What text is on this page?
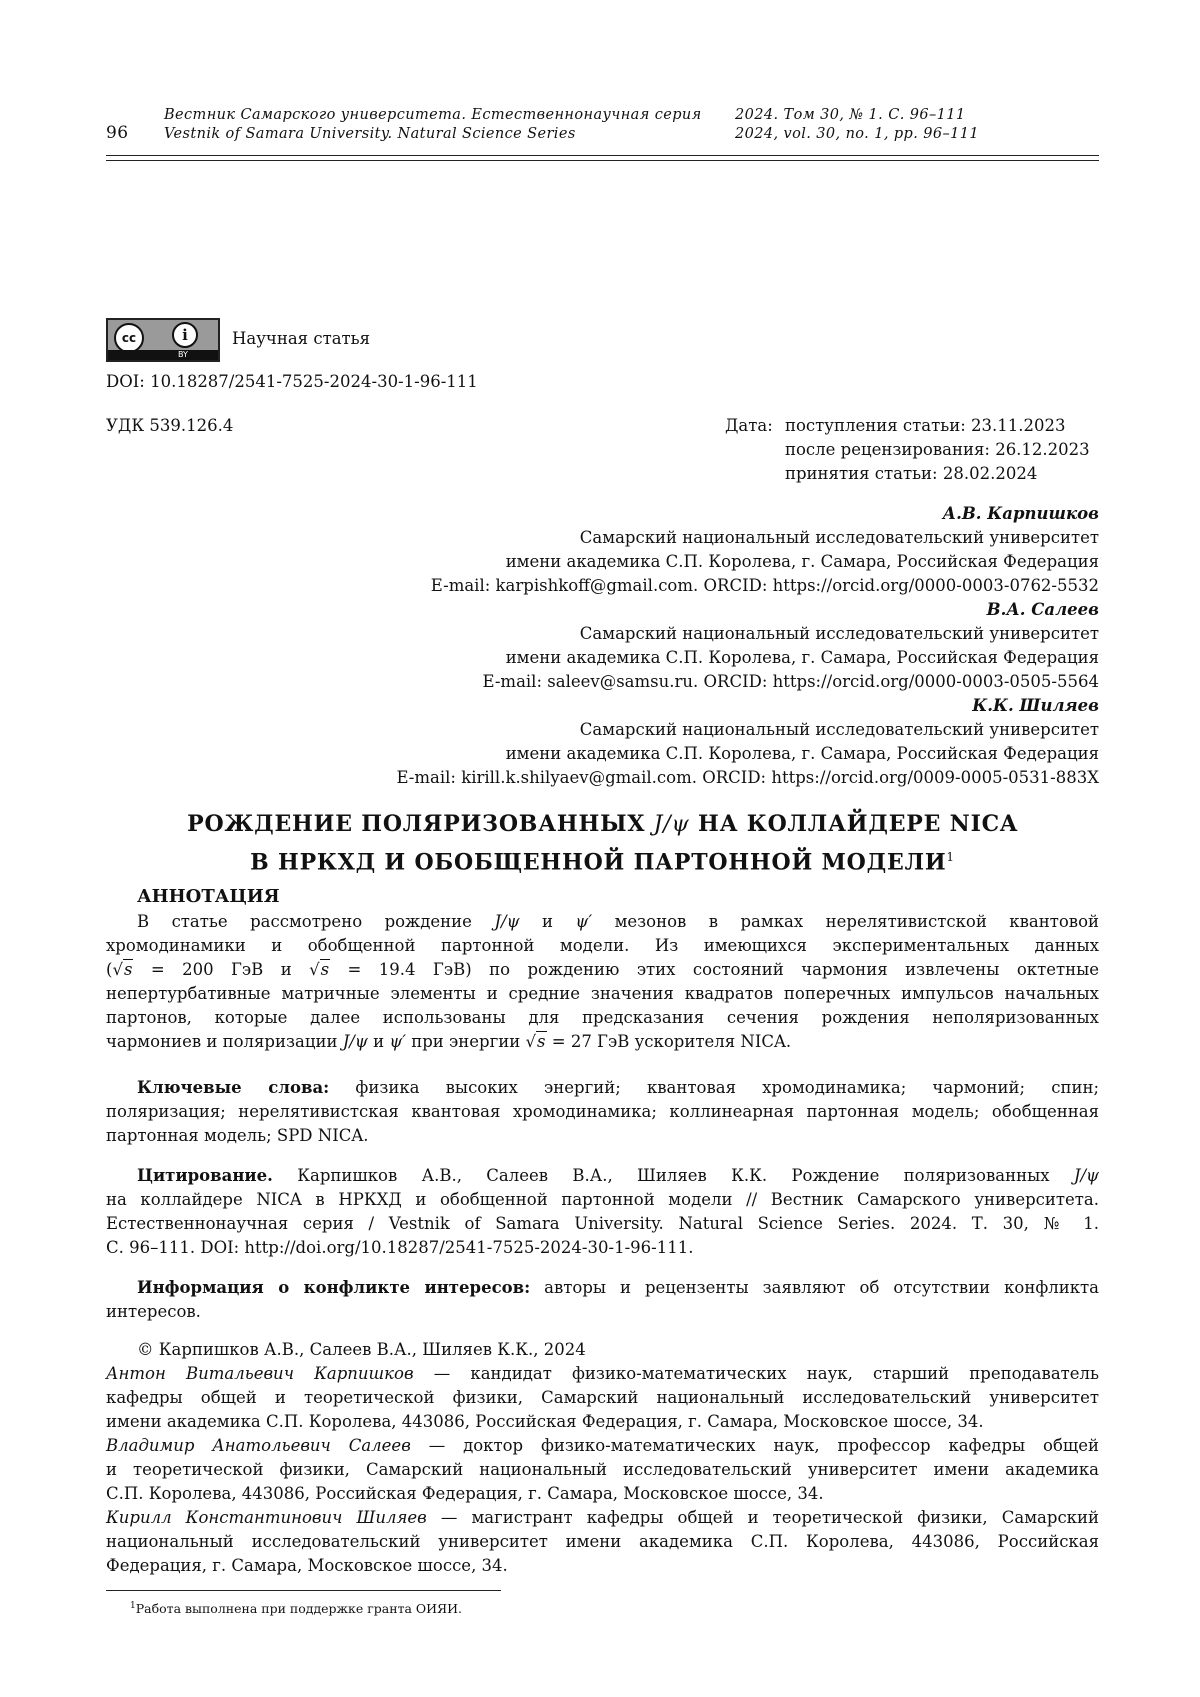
96
Вестник Самарского университета. Естественнонаучная серия
Vestnik of Samara University. Natural Science Series
2024. Том 30, № 1. С. 96–111
2024, vol. 30, no. 1, pp. 96–111
cc	i
BY
Научная статья
DOI: 10.18287/2541-7525-2024-30-1-96-111
УДК 539.126.4	Дата: поступления статьи: 23.11.2023
после рецензирования: 26.12.2023
принятия статьи: 28.02.2024
А.В. Карпишков
Самарский национальный исследовательский университет
имени академика С.П. Королева, г. Самара, Российская Федерация
E-mail: karpishkoff@gmail.com. ORCID: https://orcid.org/0000-0003-0762-5532
В.А. Салеев
Самарский национальный исследовательский университет
имени академика С.П. Королева, г. Самара, Российская Федерация
E-mail: saleev@samsu.ru. ORCID: https://orcid.org/0000-0003-0505-5564
К.К. Шиляев
Самарский национальный исследовательский университет
имени академика С.П. Королева, г. Самара, Российская Федерация
E-mail: kirill.k.shilyaev@gmail.com. ORCID: https://orcid.org/0009-0005-0531-883X
РОЖДЕНИЕ ПОЛЯРИЗОВАННЫХ J/ψ НА КОЛЛАЙДЕРЕ NICA
В НРКХД И ОБОБЩЕННОЙ ПАРТОННОЙ МОДЕЛИ$^1$
АННОТАЦИЯ
В статье рассмотрено рождение J/ψ и ψ′ мезонов в рамках нерелятивистской квантовой
хромодинамики и обобщенной партонной модели. Из имеющихся экспериментальных данных
(√s = 200 ГэВ и √s = 19.4 ГэВ) по рождению этих состояний чармония извлечены октетные
непертурбативные матричные элементы и средние значения квадратов поперечных импульсов начальных
партонов, которые далее использованы для предсказания сечения рождения неполяризованных
чармониев и поляризации J/ψ и ψ′ при энергии √s = 27 ГэВ ускорителя NICA.
Ключевые слова: физика высоких энергий; квантовая хромодинамика; чармоний; спин;
поляризация; нерелятивистская квантовая хромодинамика; коллинеарная партонная модель; обобщенная
партонная модель; SPD NICA.
Цитирование. Карпишков А.В., Салеев В.А., Шиляев К.К. Рождение поляризованных J/ψ
на коллайдере NICA в НРКХД и обобщенной партонной модели // Вестник Самарского университета.
Естественнонаучная серия / Vestnik of Samara University. Natural Science Series. 2024. Т. 30, № 1.
С. 96–111. DOI: http://doi.org/10.18287/2541-7525-2024-30-1-96-111.
Информация о конфликте интересов: авторы и рецензенты заявляют об отсутствии конфликта
интересов.
© Карпишков А.В., Салеев В.А., Шиляев К.К., 2024
Антон Витальевич Карпишков — кандидат физико-математических наук, старший преподаватель
кафедры общей и теоретической физики, Самарский национальный исследовательский университет
имени академика С.П. Королева, 443086, Российская Федерация, г. Самара, Московское шоссе, 34.
Владимир Анатольевич Салеев — доктор физико-математических наук, профессор кафедры общей
и теоретической физики, Самарский национальный исследовательский университет имени академика
С.П. Королева, 443086, Российская Федерация, г. Самара, Московское шоссе, 34.
Кирилл Константинович Шиляев — магистрант кафедры общей и теоретической физики, Самарский
национальный исследовательский университет имени академика С.П. Королева, 443086, Российская
Федерация, г. Самара, Московское шоссе, 34.
$^1$Работа выполнена при поддержке гранта ОИЯИ.
